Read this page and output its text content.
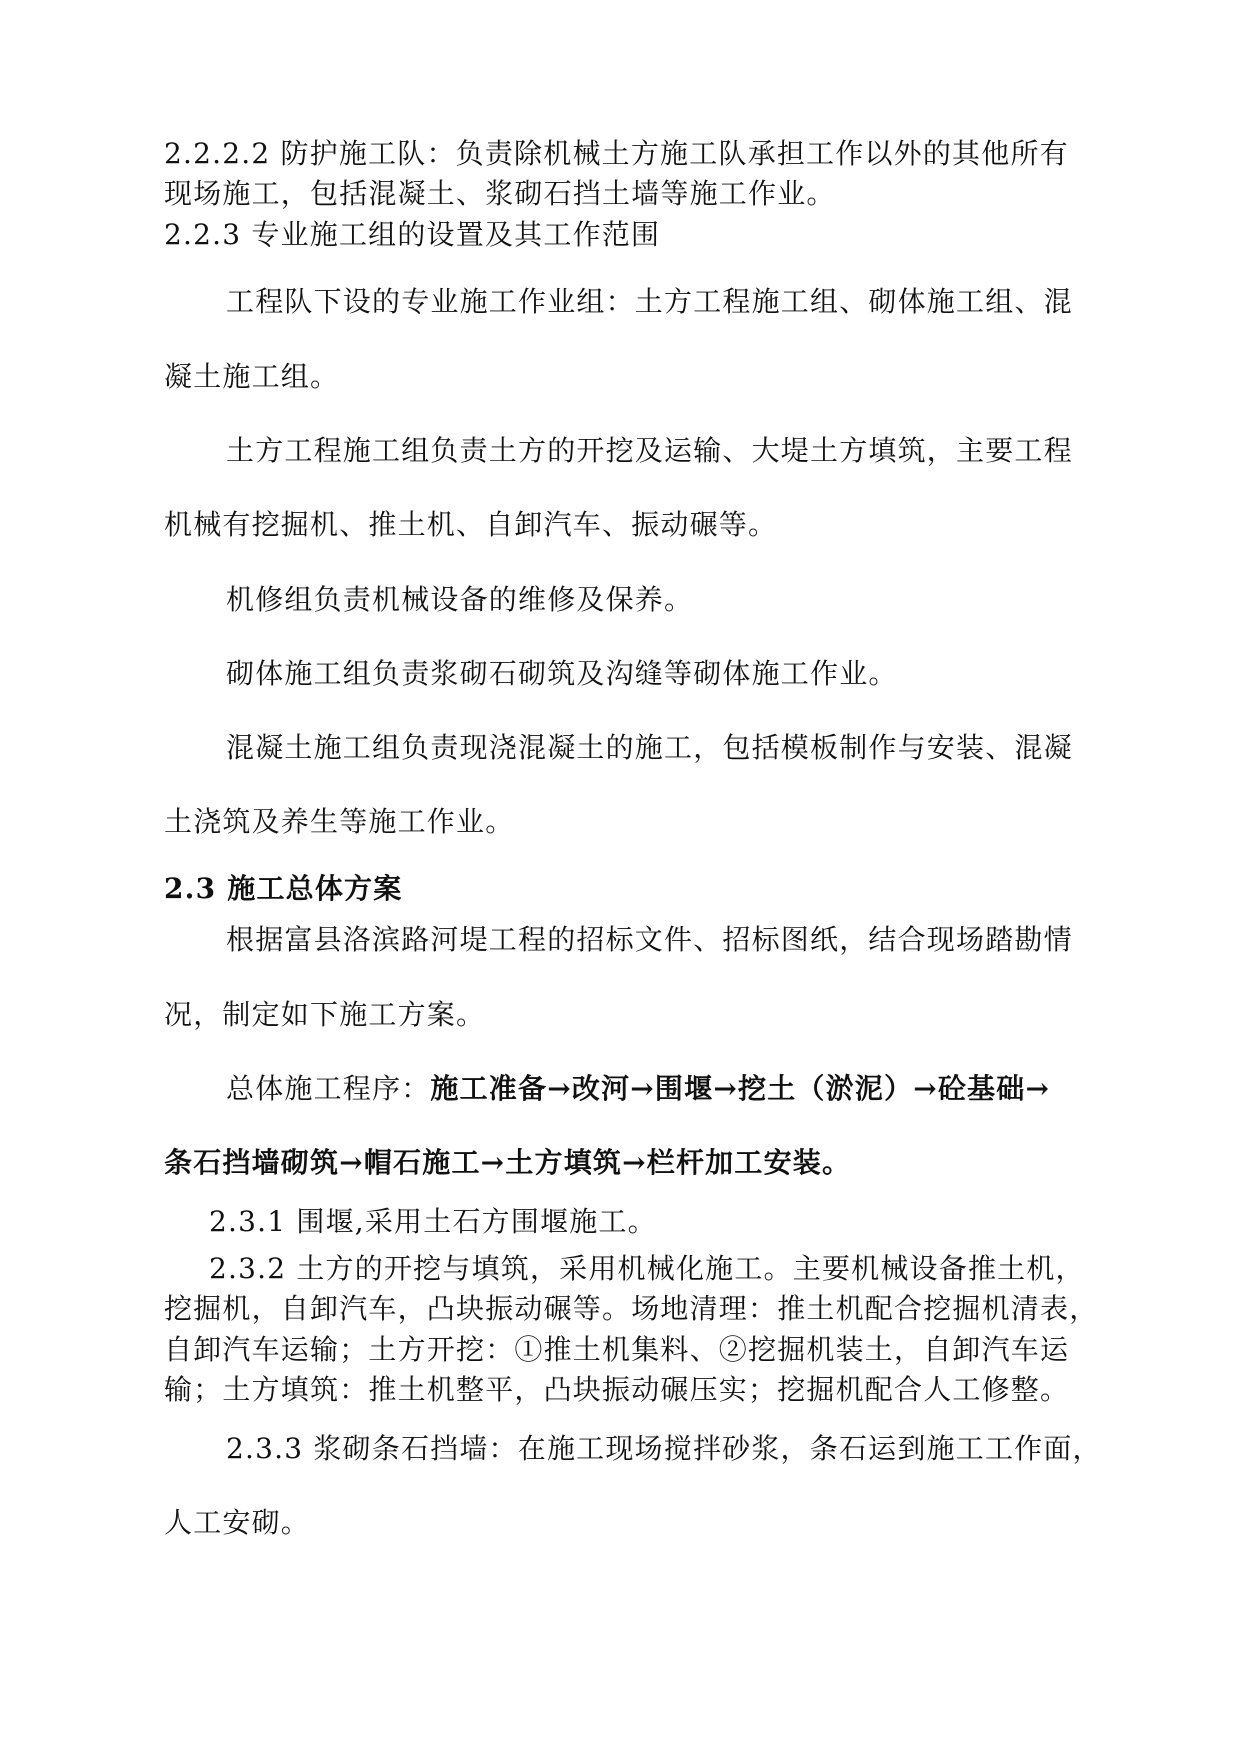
2.2.2.2 防护施工队：负责除机械土方施工队承担工作以外的其他所有
现场施工，包括混凝土、浆砌石挡土墙等施工作业。
2.2.3 专业施工组的设置及其工作范围
工程队下设的专业施工作业组：土方工程施工组、砌体施工组、混
凝土施工组。
土方工程施工组负责土方的开挖及运输、大堤土方填筑，主要工程
机械有挖掘机、推土机、自卸汽车、振动碾等。
机修组负责机械设备的维修及保养。
砌体施工组负责浆砌石砌筑及沟缝等砌体施工作业。
混凝土施工组负责现浇混凝土的施工，包括模板制作与安装、混凝
土浇筑及养生等施工作业。
2.3 施工总体方案
根据富县洛滨路河堤工程的招标文件、招标图纸，结合现场踏勘情
况，制定如下施工方案。
总体施工程序：施工准备→改河→围堰→挖土（淤泥）→砼基础→
条石挡墙砌筑→帽石施工→土方填筑→栏杆加工安装。
2.3.1 围堰,采用土石方围堰施工。
2.3.2 土方的开挖与填筑，采用机械化施工。主要机械设备推土机，
挖掘机，自卸汽车，凸块振动碾等。场地清理：推土机配合挖掘机清表，
自卸汽车运输；土方开挖：①推土机集料、②挖掘机装土，自卸汽车运
输；土方填筑：推土机整平，凸块振动碾压实；挖掘机配合人工修整。
2.3.3 浆砌条石挡墙：在施工现场搅拌砂浆，条石运到施工工作面，
人工安砌。
